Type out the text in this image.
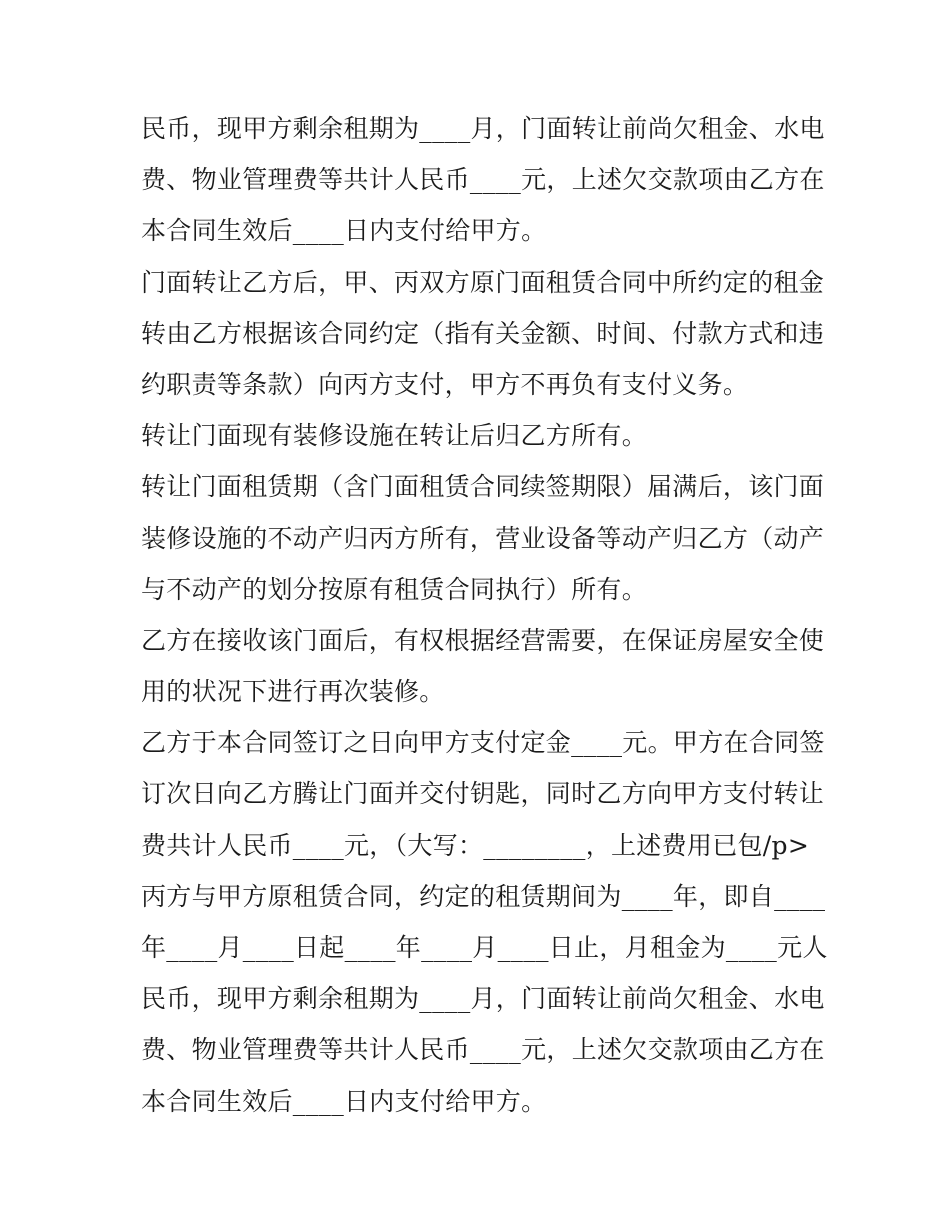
民币，现甲方剩余租期为____月，门面转让前尚欠租金、水电
费、物业管理费等共计人民币____元，上述欠交款项由乙方在
本合同生效后____日内支付给甲方。
门面转让乙方后，甲、丙双方原门面租赁合同中所约定的租金
转由乙方根据该合同约定（指有关金额、时间、付款方式和违
约职责等条款）向丙方支付，甲方不再负有支付义务。
转让门面现有装修设施在转让后归乙方所有。
转让门面租赁期（含门面租赁合同续签期限）届满后，该门面
装修设施的不动产归丙方所有，营业设备等动产归乙方（动产
与不动产的划分按原有租赁合同执行）所有。
乙方在接收该门面后，有权根据经营需要，在保证房屋安全使
用的状况下进行再次装修。
乙方于本合同签订之日向甲方支付定金____元。甲方在合同签
订次日向乙方腾让门面并交付钥匙，同时乙方向甲方支付转让
费共计人民币____元，（大写：________，上述费用已包/p>
丙方与甲方原租赁合同，约定的租赁期间为____年，即自____
年____月____日起____年____月____日止，月租金为____元人
民币，现甲方剩余租期为____月，门面转让前尚欠租金、水电
费、物业管理费等共计人民币____元，上述欠交款项由乙方在
本合同生效后____日内支付给甲方。
